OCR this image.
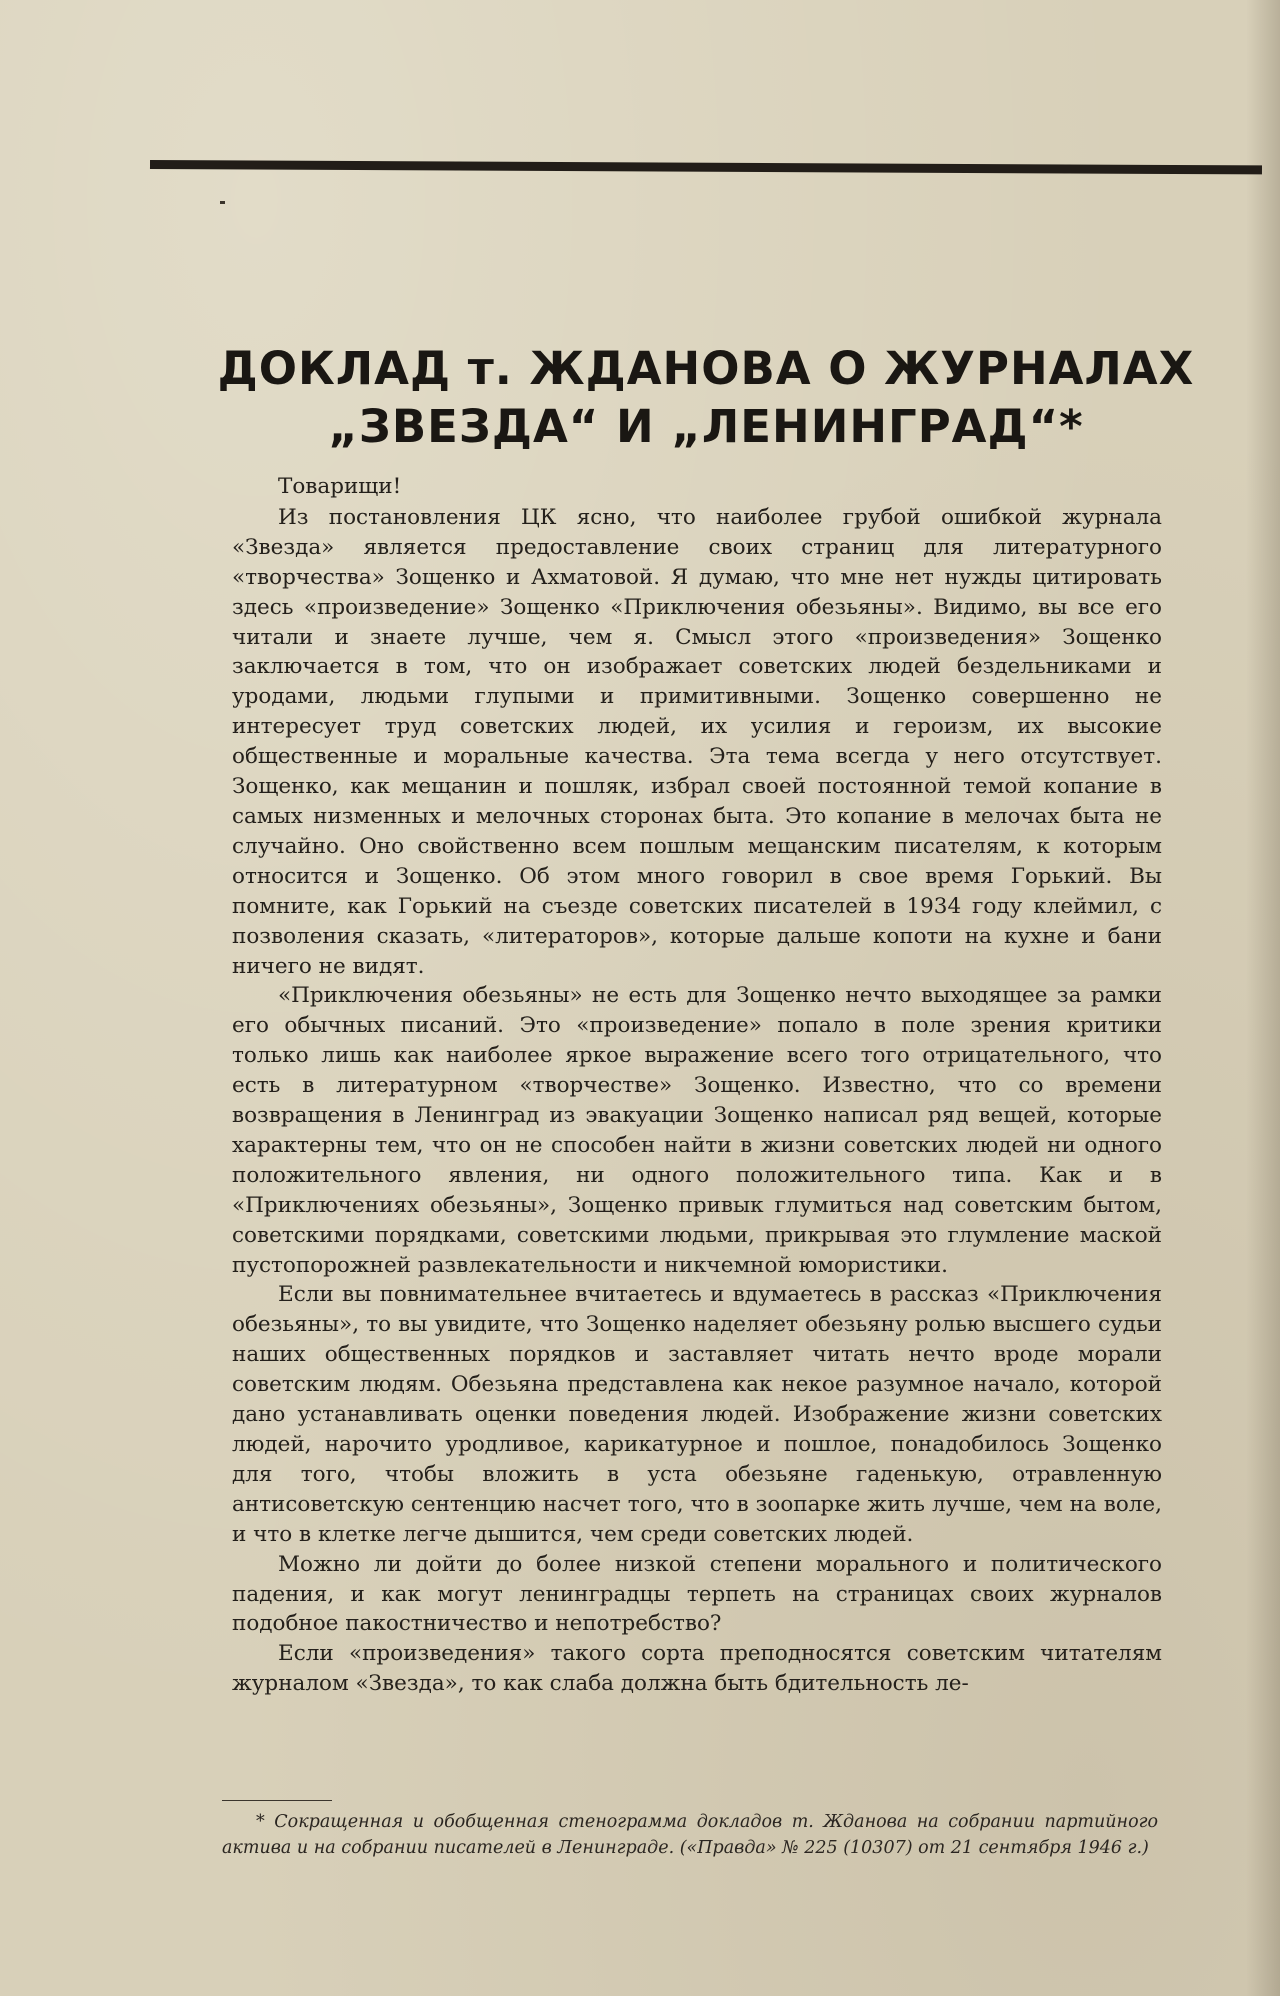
ДОКЛАД т. ЖДАНОВА О ЖУРНАЛАХ
„ЗВЕЗДА“ И „ЛЕНИНГРАД“*

Товарищи!

Из постановления ЦК ясно, что наиболее грубой ошибкой журнала «Звезда» является предоставление своих страниц для литературного «творчества» Зощенко и Ахматовой. Я думаю, что мне нет нужды цитировать здесь «произведение» Зощенко «Приключения обезьяны». Видимо, вы все его читали и знаете лучше, чем я. Смысл этого «произведения» Зощенко заключается в том, что он изображает советских людей бездельниками и уродами, людьми глупыми и примитивными. Зощенко совершенно не интересует труд советских людей, их усилия и героизм, их высокие общественные и моральные качества. Эта тема всегда у него отсутствует. Зощенко, как мещанин и пошляк, избрал своей постоянной темой копание в самых низменных и мелочных сторонах быта. Это копание в мелочах быта не случайно. Оно свойственно всем пошлым мещанским писателям, к которым относится и Зощенко. Об этом много говорил в свое время Горький. Вы помните, как Горький на съезде советских писателей в 1934 году клеймил, с позволения сказать, «литераторов», которые дальше копоти на кухне и бани ничего не видят.

«Приключения обезьяны» не есть для Зощенко нечто выходящее за рамки его обычных писаний. Это «произведение» попало в поле зрения критики только лишь как наиболее яркое выражение всего того отрицательного, что есть в литературном «творчестве» Зощенко. Известно, что со времени возвращения в Ленинград из эвакуации Зощенко написал ряд вещей, которые характерны тем, что он не способен найти в жизни советских людей ни одного положительного явления, ни одного положительного типа. Как и в «Приключениях обезьяны», Зощенко привык глумиться над советским бытом, советскими порядками, советскими людьми, прикрывая это глумление маской пустопорожней развлекательности и никчемной юмористики.

Если вы повнимательнее вчитаетесь и вдумаетесь в рассказ «Приключения обезьяны», то вы увидите, что Зощенко наделяет обезьяну ролью высшего судьи наших общественных порядков и заставляет читать нечто вроде морали советским людям. Обезьяна представлена как некое разумное начало, которой дано устанавливать оценки поведения людей. Изображение жизни советских людей, нарочито уродливое, карикатурное и пошлое, понадобилось Зощенко для того, чтобы вложить в уста обезьяне гаденькую, отравленную антисоветскую сентенцию насчет того, что в зоопарке жить лучше, чем на воле, и что в клетке легче дышится, чем среди советских людей.

Можно ли дойти до более низкой степени морального и политического падения, и как могут ленинградцы терпеть на страницах своих журналов подобное пакостничество и непотребство?

Если «произведения» такого сорта преподносятся советским читателям журналом «Звезда», то как слаба должна быть бдительность ле-

* Сокращенная и обобщенная стенограмма докладов т. Жданова на собрании партийного актива и на собрании писателей в Ленинграде. («Правда» № 225 (10307) от 21 сентября 1946 г.)
